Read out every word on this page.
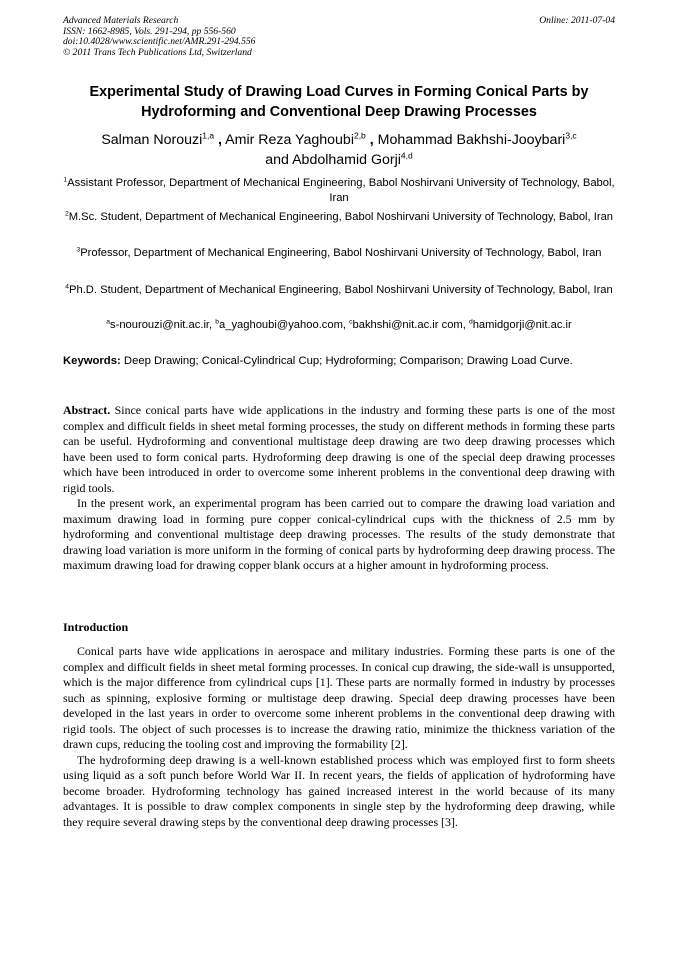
Advanced Materials Research
ISSN: 1662-8985, Vols. 291-294, pp 556-560
doi:10.4028/www.scientific.net/AMR.291-294.556
© 2011 Trans Tech Publications Ltd, Switzerland
Online: 2011-07-04
Experimental Study of Drawing Load Curves in Forming Conical Parts by Hydroforming and Conventional Deep Drawing Processes
Salman Norouzi$^{1,a}$ , Amir Reza Yaghoubi$^{2,b}$ , Mohammad Bakhshi-Jooybari$^{3,c}$
and Abdolhamid Gorji$^{4,d}$
$^1$Assistant Professor, Department of Mechanical Engineering, Babol Noshirvani University of Technology, Babol, Iran
$^2$M.Sc. Student, Department of Mechanical Engineering, Babol Noshirvani University of Technology, Babol, Iran
$^3$Professor, Department of Mechanical Engineering, Babol Noshirvani University of Technology, Babol, Iran
$^4$Ph.D. Student, Department of Mechanical Engineering, Babol Noshirvani University of Technology, Babol, Iran
$^a$s-nourouzi@nit.ac.ir, $^b$a_yaghoubi@yahoo.com, $^c$bakhshi@nit.ac.ir com, $^d$hamidgorji@nit.ac.ir
Keywords: Deep Drawing; Conical-Cylindrical Cup; Hydroforming; Comparison; Drawing Load Curve.

Abstract. Since conical parts have wide applications in the industry and forming these parts is one of the most complex and difficult fields in sheet metal forming processes, the study on different methods in forming these parts can be useful. Hydroforming and conventional multistage deep drawing are two deep drawing processes which have been used to form conical parts. Hydroforming deep drawing is one of the special deep drawing processes which have been introduced in order to overcome some inherent problems in the conventional deep drawing with rigid tools.

In the present work, an experimental program has been carried out to compare the drawing load variation and maximum drawing load in forming pure copper conical-cylindrical cups with the thickness of 2.5 mm by hydroforming and conventional multistage deep drawing processes. The results of the study demonstrate that drawing load variation is more uniform in the forming of conical parts by hydroforming deep drawing process. The maximum drawing load for drawing copper blank occurs at a higher amount in hydroforming process.

Introduction

Conical parts have wide applications in aerospace and military industries. Forming these parts is one of the complex and difficult fields in sheet metal forming processes. In conical cup drawing, the side-wall is unsupported, which is the major difference from cylindrical cups [1]. These parts are normally formed in industry by processes such as spinning, explosive forming or multistage deep drawing. Special deep drawing processes have been developed in the last years in order to overcome some inherent problems in the conventional deep drawing with rigid tools. The object of such processes is to increase the drawing ratio, minimize the thickness variation of the drawn cups, reducing the tooling cost and improving the formability [2].

The hydroforming deep drawing is a well-known established process which was employed first to form sheets using liquid as a soft punch before World War II. In recent years, the fields of application of hydroforming have become broader. Hydroforming technology has gained increased interest in the world because of its many advantages. It is possible to draw complex components in single step by the hydroforming deep drawing, while they require several drawing steps by the conventional deep drawing processes [3].
